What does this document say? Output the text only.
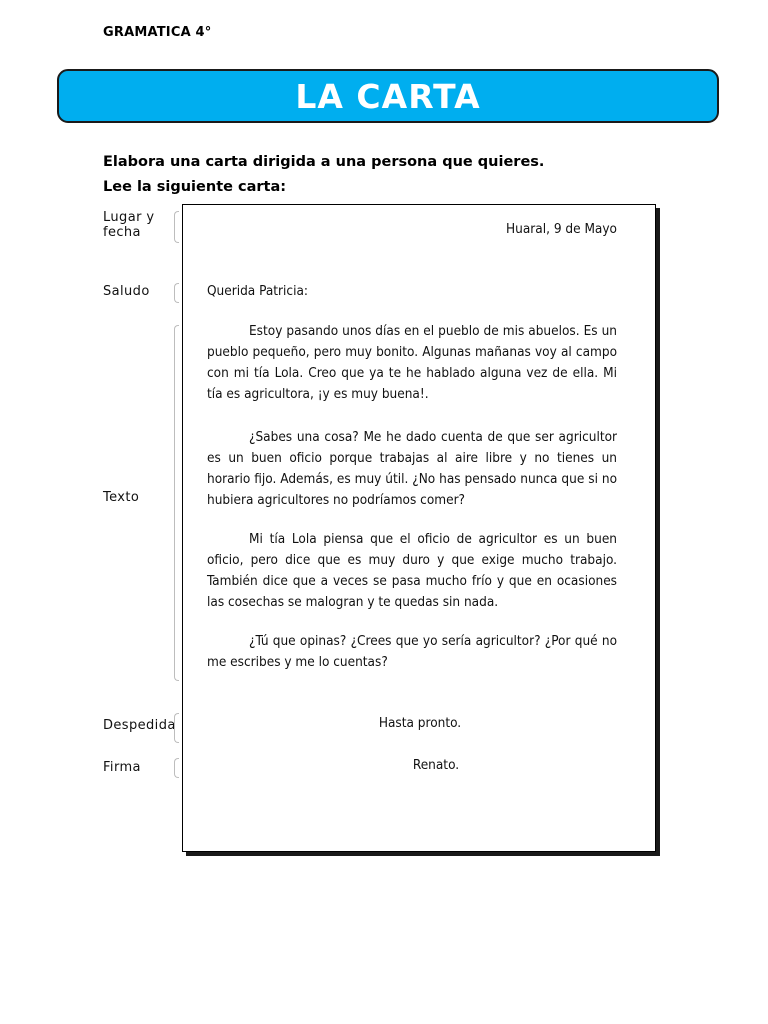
GRAMATICA 4°
LA CARTA
Elabora una carta dirigida a una persona que quieres.
Lee la siguiente carta:
Lugar y
fecha
Saludo
Texto
Despedida
Firma
Huaral, 9 de Mayo
Querida Patricia:
Estoy pasando unos días en el pueblo de mis abuelos. Es un pueblo pequeño, pero muy bonito. Algunas mañanas voy al campo con mi tía Lola. Creo que ya te he hablado alguna vez de ella. Mi tía es agricultora, ¡y es muy buena!.
¿Sabes una cosa? Me he dado cuenta de que ser agricultor es un buen oficio porque trabajas al aire libre y no tienes un horario fijo. Además, es muy útil. ¿No has pensado nunca que si no hubiera agricultores no podríamos comer?
Mi tía Lola piensa que el oficio de agricultor es un buen oficio, pero dice que es muy duro y que exige mucho trabajo. También dice que a veces se pasa mucho frío y que en ocasiones las cosechas se malogran y te quedas sin nada.
¿Tú que opinas? ¿Crees que yo sería agricultor? ¿Por qué no me escribes y me lo cuentas?
Hasta pronto.
Renato.
